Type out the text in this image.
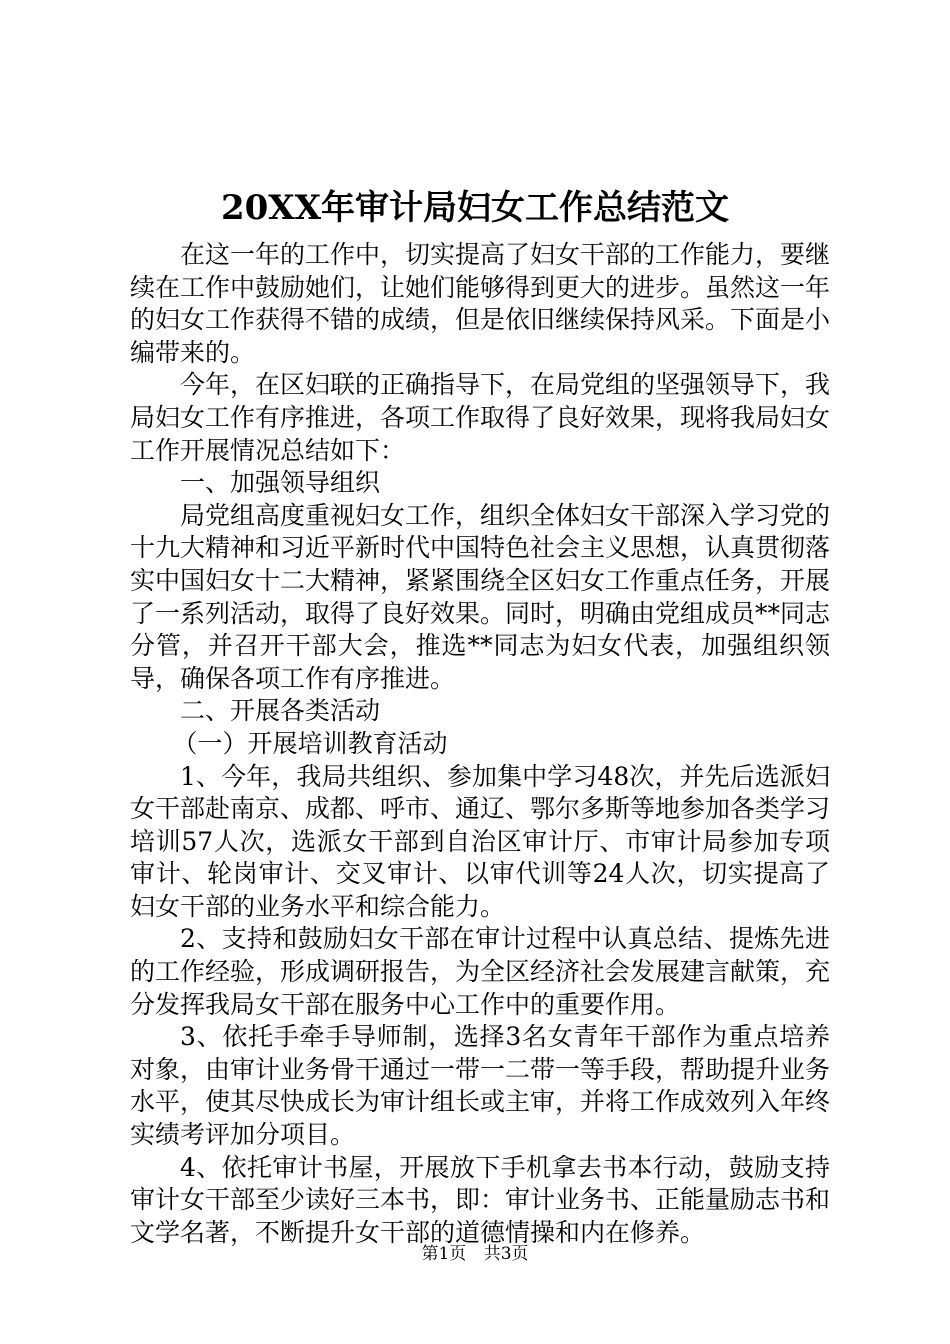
20XX年审计局妇女工作总结范文

在这一年的工作中，切实提高了妇女干部的工作能力，要继续在工作中鼓励她们，让她们能够得到更大的进步。虽然这一年的妇女工作获得不错的成绩，但是依旧继续保持风采。下面是小编带来的。

今年，在区妇联的正确指导下，在局党组的坚强领导下，我局妇女工作有序推进，各项工作取得了良好效果，现将我局妇女工作开展情况总结如下：

一、加强领导组织

局党组高度重视妇女工作，组织全体妇女干部深入学习党的十九大精神和习近平新时代中国特色社会主义思想，认真贯彻落实中国妇女十二大精神，紧紧围绕全区妇女工作重点任务，开展了一系列活动，取得了良好效果。同时，明确由党组成员**同志分管，并召开干部大会，推选**同志为妇女代表，加强组织领导，确保各项工作有序推进。

二、开展各类活动

（一）开展培训教育活动

1、今年，我局共组织、参加集中学习48次，并先后选派妇女干部赴南京、成都、呼市、通辽、鄂尔多斯等地参加各类学习培训57人次，选派女干部到自治区审计厅、市审计局参加专项审计、轮岗审计、交叉审计、以审代训等24人次，切实提高了妇女干部的业务水平和综合能力。

2、支持和鼓励妇女干部在审计过程中认真总结、提炼先进的工作经验，形成调研报告，为全区经济社会发展建言献策，充分发挥我局女干部在服务中心工作中的重要作用。

3、依托手牵手导师制，选择3名女青年干部作为重点培养对象，由审计业务骨干通过一带一二带一等手段，帮助提升业务水平，使其尽快成长为审计组长或主审，并将工作成效列入年终实绩考评加分项目。

4、依托审计书屋，开展放下手机拿去书本行动，鼓励支持审计女干部至少读好三本书，即：审计业务书、正能量励志书和文学名著，不断提升女干部的道德情操和内在修养。

第1页 共3页
